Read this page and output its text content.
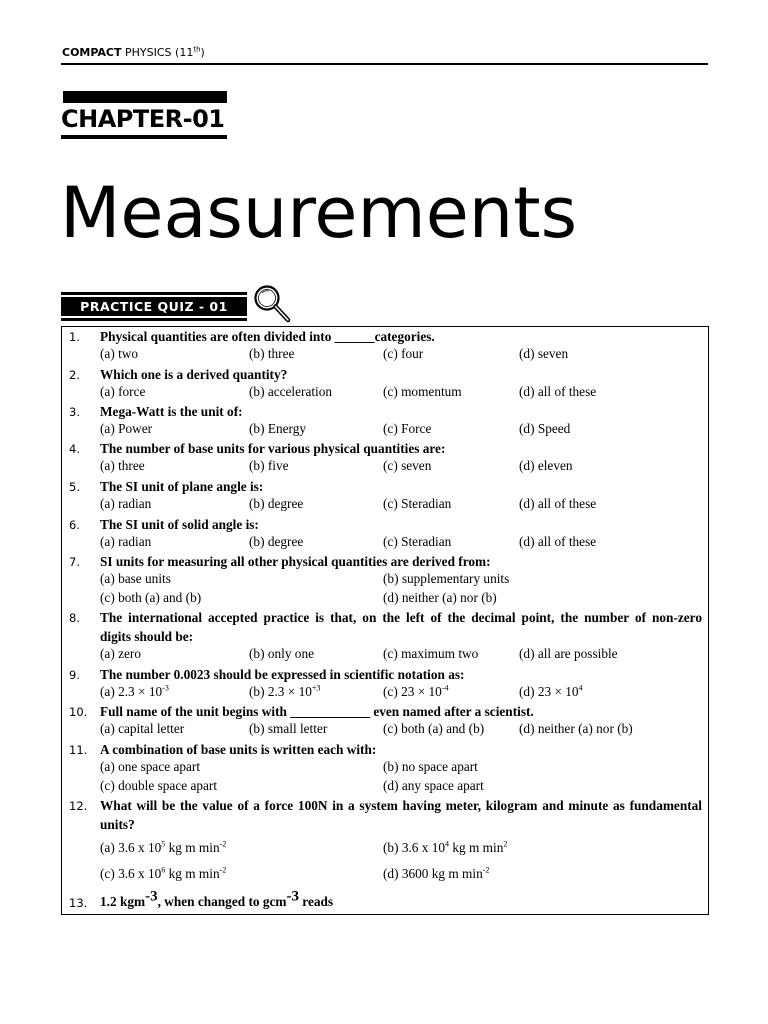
COMPACT PHYSICS (11th)
CHAPTER-01
Measurements
PRACTICE QUIZ - 01
1. Physical quantities are often divided into ______categories.
(a) two	(b) three	(c) four	(d) seven
2. Which one is a derived quantity?
(a) force	(b) acceleration	(c) momentum	(d) all of these
3. Mega-Watt is the unit of:
(a) Power	(b) Energy	(c) Force	(d) Speed
4. The number of base units for various physical quantities are:
(a) three	(b) five	(c) seven	(d) eleven
5. The SI unit of plane angle is:
(a) radian	(b) degree	(c) Steradian	(d) all of these
6. The SI unit of solid angle is:
(a) radian	(b) degree	(c) Steradian	(d) all of these
7. SI units for measuring all other physical quantities are derived from:
(a) base units	(b) supplementary units
(c) both (a) and (b)	(d) neither (a) nor (b)
8. The international accepted practice is that, on the left of the decimal point, the number of non-zero
digits should be:
(a) zero	(b) only one	(c) maximum two	(d) all are possible
9. The number 0.0023 should be expressed in scientific notation as:
(a) $2.3 \times 10^{-3}$	(b) $2.3 \times 10^{+3}$	(c) $23 \times 10^{-4}$	(d) $23 \times 10^4$
10. Full name of the unit begins with ____________ even named after a scientist.
(a) capital letter	(b) small letter	(c) both (a) and (b)	(d) neither (a) nor (b)
11. A combination of base units is written each with:
(a) one space apart	(b) no space apart
(c) double space apart	(d) any space apart
12. What will be the value of a force 100N in a system having meter, kilogram and minute as fundamental
units?
(a) 3.6 x $10^5$ kg m $\min^{-2}$	(b) 3.6 x $10^4$ kg m $\min^2$
(c) 3.6 x $10^6$ kg m $\min^{-2}$	(d) 3600 kg m $\min^{-2}$
13. 1.2 kgm$^{-3}$, when changed to gcm$^{-3}$ reads
